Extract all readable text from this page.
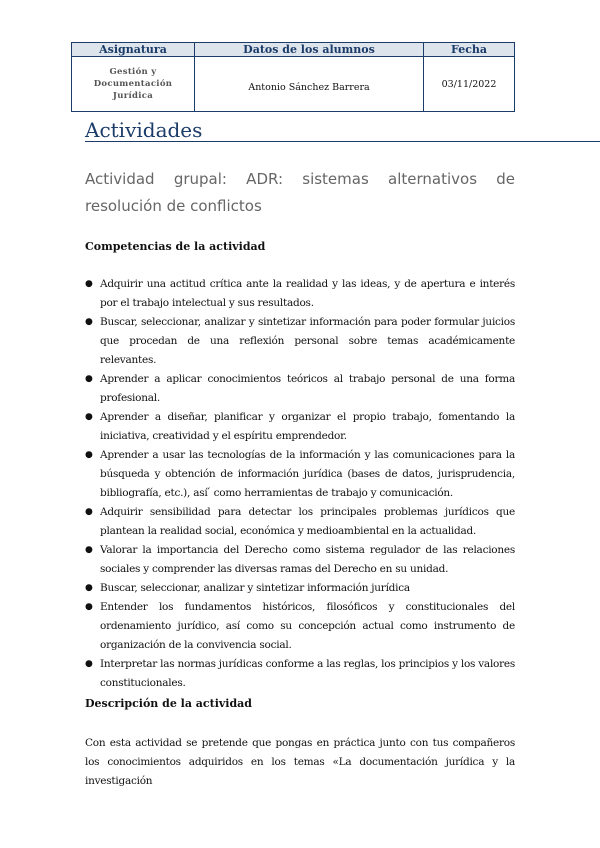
Asignatura	Datos de los alumnos	Fecha

Gestión y
Documentación
Jurídica	Antonio Sánchez Barrera	03/11/2022
Actividades
Actividad grupal: ADR: sistemas alternativos de resolución de conflictos
Competencias de la actividad
● Adquirir una actitud crítica ante la realidad y las ideas, y de apertura e interés por el trabajo intelectual y sus resultados.
● Buscar, seleccionar, analizar y sintetizar información para poder formular juicios que procedan de una reflexión personal sobre temas académicamente relevantes.
● Aprender a aplicar conocimientos teóricos al trabajo personal de una forma profesional.
● Aprender a diseñar, planificar y organizar el propio trabajo, fomentando la iniciativa, creatividad y el espíritu emprendedor.
● Aprender a usar las tecnologías de la información y las comunicaciones para la búsqueda y obtención de información jurídica (bases de datos, jurisprudencia, bibliografía, etc.), así ́ como herramientas de trabajo y comunicación.
● Adquirir sensibilidad para detectar los principales problemas jurídicos que plantean la realidad social, económica y medioambiental en la actualidad.
● Valorar la importancia del Derecho como sistema regulador de las relaciones sociales y comprender las diversas ramas del Derecho en su unidad.
● Buscar, seleccionar, analizar y sintetizar información jurídica
● Entender los fundamentos históricos, filosóficos y constitucionales del ordenamiento jurídico, así como su concepción actual como instrumento de organización de la convivencia social.
● Interpretar las normas jurídicas conforme a las reglas, los principios y los valores constitucionales.
Descripción de la actividad

Con esta actividad se pretende que pongas en práctica junto con tus compañeros los conocimientos adquiridos en los temas «La documentación jurídica y la investigación
